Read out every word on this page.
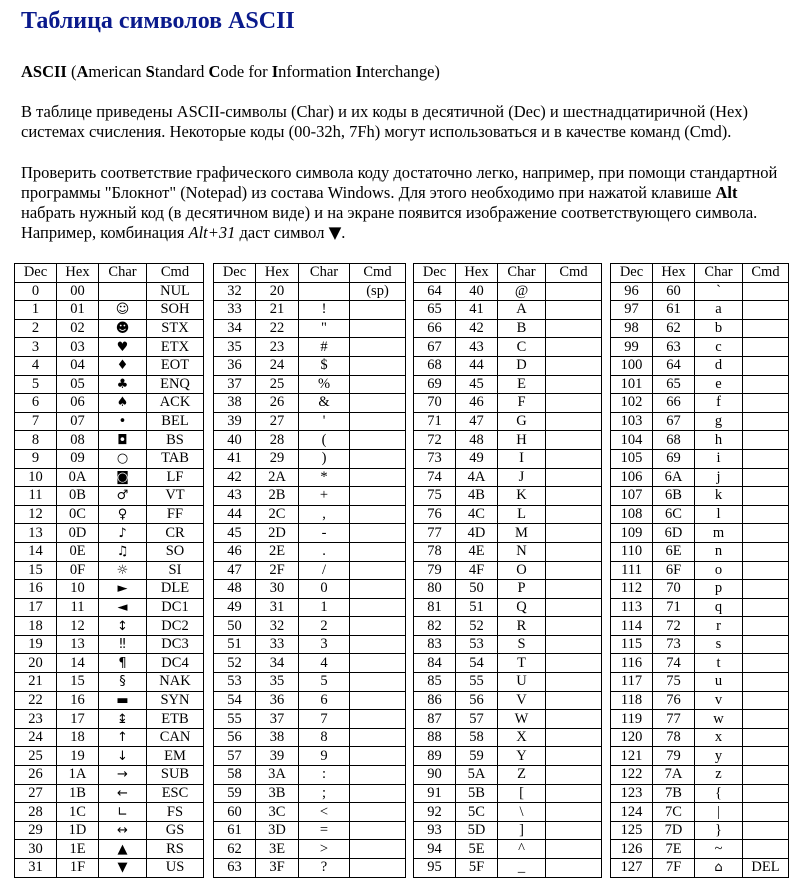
Таблица символов ASCII

ASCII (American Standard Code for Information Interchange)

В таблице приведены ASCII-символы (Char) и их коды в десятичной (Dec) и шестнадцатиричной (Hex) системах счисления. Некоторые коды (00-32h, 7Fh) могут использоваться и в качестве команд (Cmd).

Проверить соответствие графического символа коду достаточно легко, например, при помощи стандартной программы "Блокнот" (Notepad) из состава Windows. Для этого необходимо при нажатой клавише Alt набрать нужный код (в десятичном виде) и на экране появится изображение соответствующего символа. Например, комбинация Alt+31 даст символ ▼.

Dec	Hex	Char	Cmd
0	00		NUL
1	01	☺	SOH
2	02	☻	STX
3	03	♥	ETX
4	04	♦	EOT
5	05	♣	ENQ
6	06	♠	ACK
7	07	•	BEL
8	08	◘	BS
9	09	○	TAB
10	0A	◙	LF
11	0B	♂	VT
12	0C	♀	FF
13	0D	♪	CR
14	0E	♫	SO
15	0F	☼	SI
16	10	►	DLE
17	11	◄	DC1
18	12	↕	DC2
19	13	‼	DC3
20	14	¶	DC4
21	15	§	NAK
22	16	▬	SYN
23	17	↨	ETB
24	18	↑	CAN
25	19	↓	EM
26	1A	→	SUB
27	1B	←	ESC
28	1C	∟	FS
29	1D	↔	GS
30	1E	▲	RS
31	1F	▼	US
Dec	Hex	Char	Cmd
32	20		(sp)
33	21	!	
34	22	"	
35	23	#	
36	24	$	
37	25	%	
38	26	&	
39	27	'	
40	28	(	
41	29	)	
42	2A	*	
43	2B	+	
44	2C	,	
45	2D	-	
46	2E	.	
47	2F	/	
48	30	0	
49	31	1	
50	32	2	
51	33	3	
52	34	4	
53	35	5	
54	36	6	
55	37	7	
56	38	8	
57	39	9	
58	3A	:	
59	3B	;	
60	3C	<	
61	3D	=	
62	3E	>	
63	3F	?	
Dec	Hex	Char	Cmd
64	40	@	
65	41	A	
66	42	B	
67	43	C	
68	44	D	
69	45	E	
70	46	F	
71	47	G	
72	48	H	
73	49	I	
74	4A	J	
75	4B	K	
76	4C	L	
77	4D	M	
78	4E	N	
79	4F	O	
80	50	P	
81	51	Q	
82	52	R	
83	53	S	
84	54	T	
85	55	U	
86	56	V	
87	57	W	
88	58	X	
89	59	Y	
90	5A	Z	
91	5B	[	
92	5C	\	
93	5D	]	
94	5E	^	
95	5F	_	
Dec	Hex	Char	Cmd
96	60	`	
97	61	a	
98	62	b	
99	63	c	
100	64	d	
101	65	e	
102	66	f	
103	67	g	
104	68	h	
105	69	i	
106	6A	j	
107	6B	k	
108	6C	l	
109	6D	m	
110	6E	n	
111	6F	o	
112	70	p	
113	71	q	
114	72	r	
115	73	s	
116	74	t	
117	75	u	
118	76	v	
119	77	w	
120	78	x	
121	79	y	
122	7A	z	
123	7B	{	
124	7C	|	
125	7D	}	
126	7E	~	
127	7F	⌂	DEL
